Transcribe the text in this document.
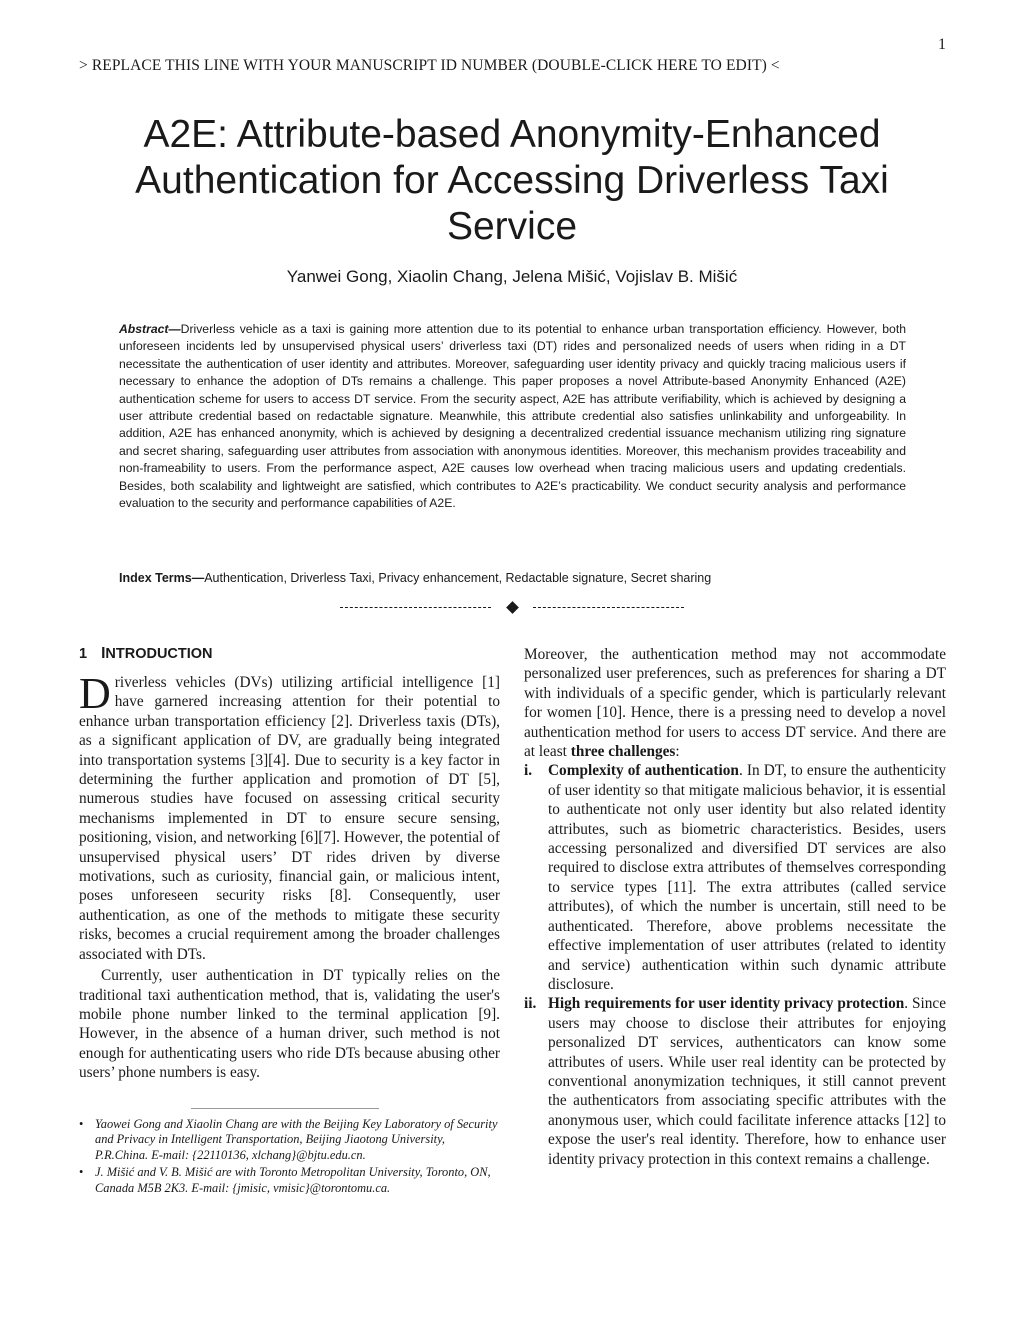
1
> REPLACE THIS LINE WITH YOUR MANUSCRIPT ID NUMBER (DOUBLE-CLICK HERE TO EDIT) <
A2E: Attribute-based Anonymity-Enhanced Authentication for Accessing Driverless Taxi Service
Yanwei Gong, Xiaolin Chang, Jelena Mišić, Vojislav B. Mišić
Abstract—Driverless vehicle as a taxi is gaining more attention due to its potential to enhance urban transportation efficiency. However, both unforeseen incidents led by unsupervised physical users’ driverless taxi (DT) rides and personalized needs of users when riding in a DT necessitate the authentication of user identity and attributes. Moreover, safeguarding user identity privacy and quickly tracing malicious users if necessary to enhance the adoption of DTs remains a challenge. This paper proposes a novel Attribute-based Anonymity Enhanced (A2E) authentication scheme for users to access DT service. From the security aspect, A2E has attribute verifiability, which is achieved by designing a user attribute credential based on redactable signature. Meanwhile, this attribute credential also satisfies unlinkability and unforgeability. In addition, A2E has enhanced anonymity, which is achieved by designing a decentralized credential issuance mechanism utilizing ring signature and secret sharing, safeguarding user attributes from association with anonymous identities. Moreover, this mechanism provides traceability and non-frameability to users. From the performance aspect, A2E causes low overhead when tracing malicious users and updating credentials. Besides, both scalability and lightweight are satisfied, which contributes to A2E’s practicability. We conduct security analysis and performance evaluation to the security and performance capabilities of A2E.
Index Terms—Authentication, Driverless Taxi, Privacy enhancement, Redactable signature, Secret sharing
1 INTRODUCTION

Driverless vehicles (DVs) utilizing artificial intelligence [1] have garnered increasing attention for their potential to enhance urban transportation efficiency [2]. Driverless taxis (DTs), as a significant application of DV, are gradually being integrated into transportation systems [3][4]. Due to security is a key factor in determining the further application and promotion of DT [5], numerous studies have focused on assessing critical security mechanisms implemented in DT to ensure secure sensing, positioning, vision, and networking [6][7]. However, the potential of unsupervised physical users’ DT rides driven by diverse motivations, such as curiosity, financial gain, or malicious intent, poses unforeseen security risks [8]. Consequently, user authentication, as one of the methods to mitigate these security risks, becomes a crucial requirement among the broader challenges associated with DTs.

Currently, user authentication in DT typically relies on the traditional taxi authentication method, that is, validating the user's mobile phone number linked to the terminal application [9]. However, in the absence of a human driver, such method is not enough for authenticating users who ride DTs because abusing other users’ phone numbers is easy.

• Yaowei Gong and Xiaolin Chang are with the Beijing Key Laboratory of Security and Privacy in Intelligent Transportation, Beijing Jiaotong University, P.R.China. E-mail: {22110136, xlchang}@bjtu.edu.cn.
• J. Mišić and V. B. Mišić are with Toronto Metropolitan University, Toronto, ON, Canada M5B 2K3. E-mail: {jmisic, vmisic}@torontomu.ca.

Moreover, the authentication method may not accommodate personalized user preferences, such as preferences for sharing a DT with individuals of a specific gender, which is particularly relevant for women [10]. Hence, there is a pressing need to develop a novel authentication method for users to access DT service. And there are at least three challenges:

i.	Complexity of authentication. In DT, to ensure the authenticity of user identity so that mitigate malicious behavior, it is essential to authenticate not only user identity but also related identity attributes, such as biometric characteristics. Besides, users accessing personalized and diversified DT services are also required to disclose extra attributes of themselves corresponding to service types [11]. The extra attributes (called service attributes), of which the number is uncertain, still need to be authenticated. Therefore, above problems necessitate the effective implementation of user attributes (related to identity and service) authentication within such dynamic attribute disclosure.
ii. High requirements for user identity privacy protection. Since users may choose to disclose their attributes for enjoying personalized DT services, authenticators can know some attributes of users. While user real identity can be protected by conventional anonymization techniques, it still cannot prevent the authenticators from associating specific attributes with the anonymous user, which could facilitate inference attacks [12] to expose the user's real identity. Therefore, how to enhance user identity privacy protection in this context remains a challenge.
